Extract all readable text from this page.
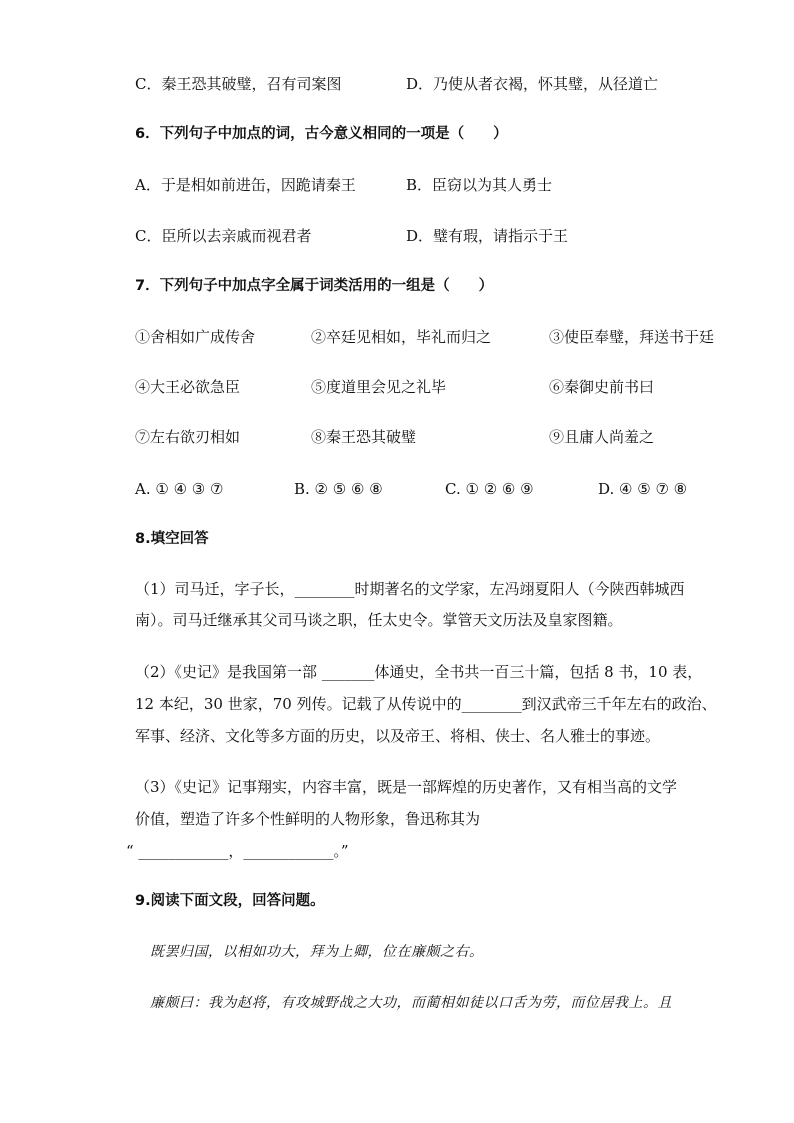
C．秦王恐其破璧，召有司案图	D．乃使从者衣褐，怀其璧，从径道亡
6．下列句子中加点的词，古今意义相同的一项是（　　）
A．于是相如前进缶，因跪请秦王	B．臣窃以为其人勇士
C．臣所以去亲戚而视君者	D．璧有瑕，请指示于王
7．下列句子中加点字全属于词类活用的一组是（　　）
①舍相如广成传舍	②卒廷见相如，毕礼而归之	③使臣奉璧，拜送书于廷
④大王必欲急臣	⑤度道里会见之礼毕	⑥秦御史前书曰
⑦左右欲刃相如	⑧秦王恐其破璧	⑨且庸人尚羞之
A. ① ④ ③ ⑦	B. ② ⑤ ⑥ ⑧	C. ① ② ⑥ ⑨	D. ④ ⑤ ⑦ ⑧
8.填空回答
（1）司马迁，字子长，________时期著名的文学家，左冯翊夏阳人（今陕西韩城西
南）。司马迁继承其父司马谈之职，任太史令。掌管天文历法及皇家图籍。
（2）《史记》是我国第一部 _______体通史，全书共一百三十篇，包括 8 书，10 表，
12 本纪，30 世家，70 列传。记载了从传说中的________到汉武帝三千年左右的政治、
军事、经济、文化等多方面的历史，以及帝王、将相、侠士、名人雅士的事迹。
（3）《史记》记事翔实，内容丰富，既是一部辉煌的历史著作，又有相当高的文学
价值，塑造了许多个性鲜明的人物形象，鲁迅称其为
“ ____________，____________。”
9.阅读下面文段，回答问题。
既罢归国，以相如功大，拜为上卿，位在廉颇之右。
廉颇曰：我为赵将，有攻城野战之大功，而蔺相如徒以口舌为劳，而位居我上。且
